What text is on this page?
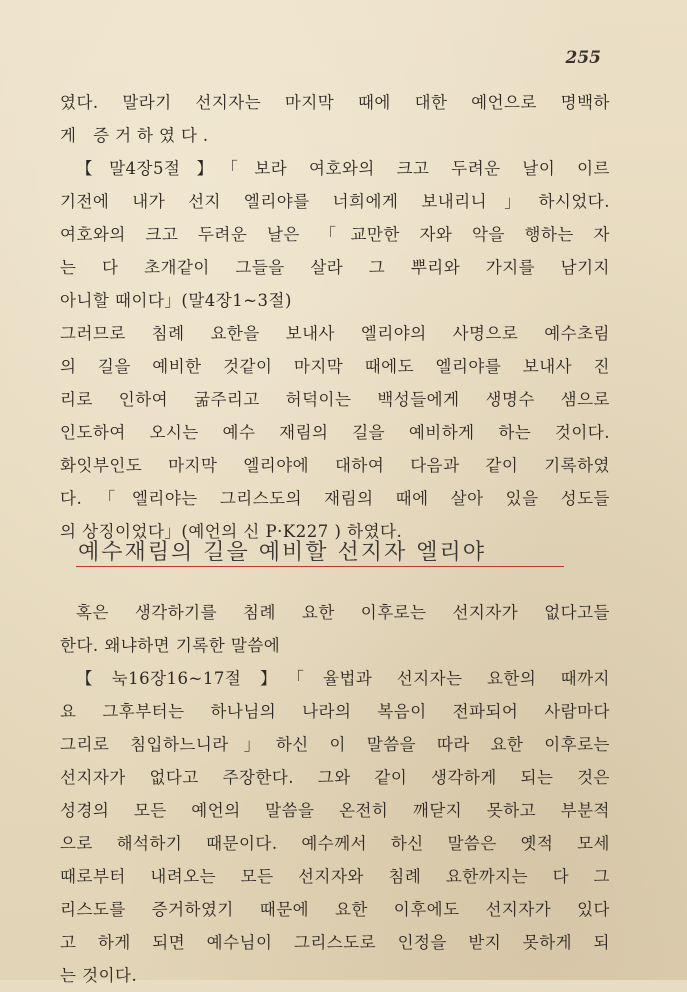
255
였다. 말라기 선지자는 마지막 때에 대한 예언으로 명백하
게 증거하였다.
【말4장5절】「보라 여호와의 크고 두려운 날이 이르
기전에 내가 선지 엘리야를 너희에게 보내리니」하시었다.
여호와의 크고 두려운 날은 「교만한 자와 악을 행하는 자
는 다 초개같이 그들을 살라 그 뿌리와 가지를 남기지
아니할 때이다」(말4장1~3절)
그러므로 침례 요한을 보내사 엘리야의 사명으로 예수초림
의 길을 예비한 것같이 마지막 때에도 엘리야를 보내사 진
리로 인하여 굶주리고 허덕이는 백성들에게 생명수 샘으로
인도하여 오시는 예수 재림의 길을 예비하게 하는 것이다.
화잇부인도 마지막 엘리야에 대하여 다음과 같이 기록하였
다.「엘리야는 그리스도의 재림의 때에 살아 있을 성도들
의 상징이었다」(예언의 신 P·K227 ) 하였다.
예수재림의 길을 예비할 선지자 엘리야
혹은 생각하기를 침례 요한 이후로는 선지자가 없다고들
한다. 왜냐하면 기록한 말씀에
【눅16장16~17절】「율법과 선지자는 요한의 때까지
요 그후부터는 하나님의 나라의 복음이 전파되어 사람마다
그리로 침입하느니라」하신 이 말씀을 따라 요한 이후로는
선지자가 없다고 주장한다. 그와 같이 생각하게 되는 것은
성경의 모든 예언의 말씀을 온전히 깨닫지 못하고 부분적
으로 해석하기 때문이다. 예수께서 하신 말씀은 옛적 모세
때로부터 내려오는 모든 선지자와 침례 요한까지는 다 그
리스도를 증거하였기 때문에 요한 이후에도 선지자가 있다
고 하게 되면 예수님이 그리스도로 인정을 받지 못하게 되
는 것이다.
